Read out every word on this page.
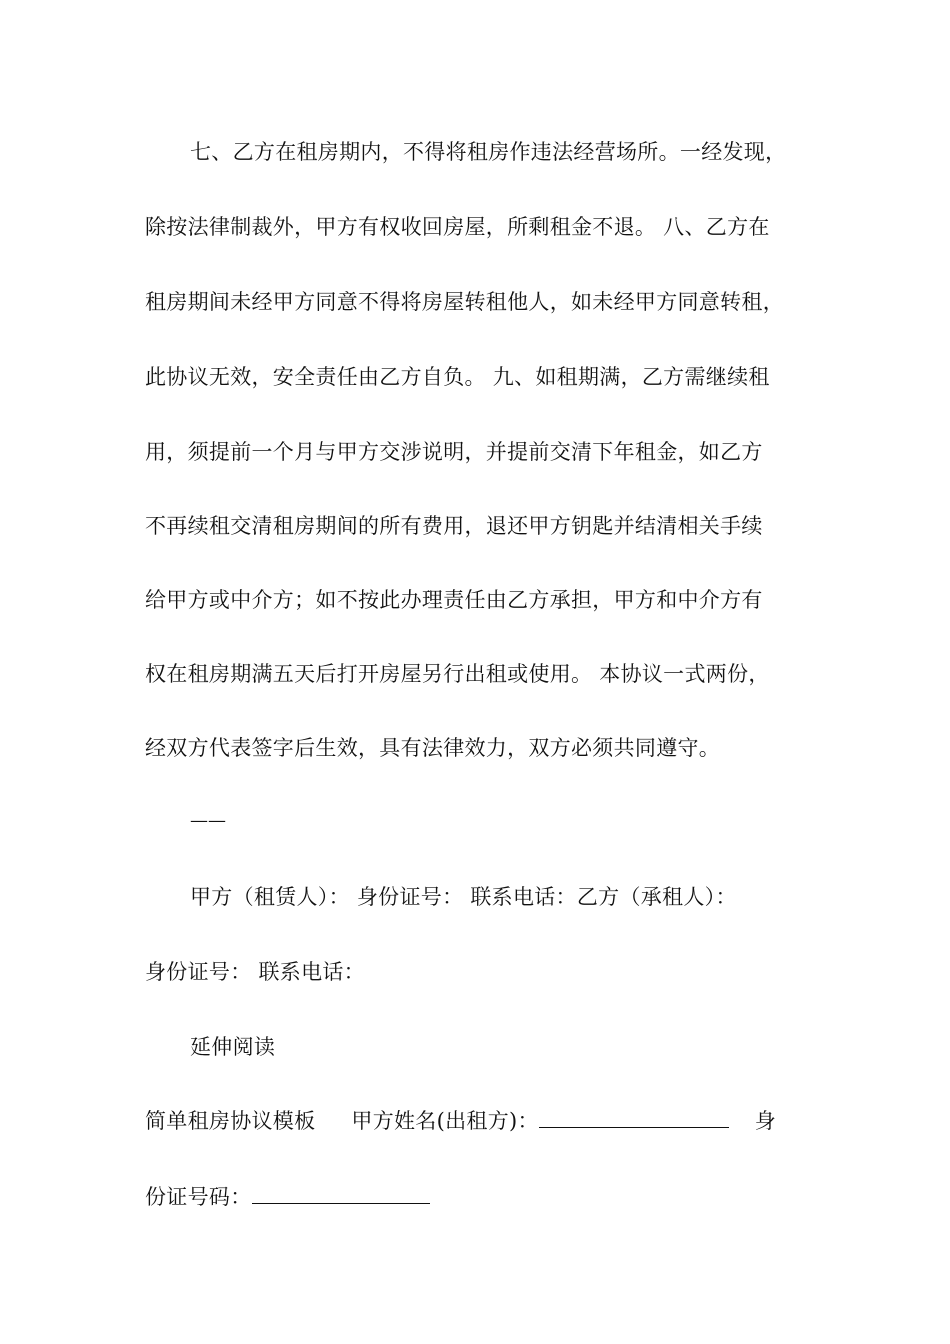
七、乙方在租房期内，不得将租房作违法经营场所。一经发现，
除按法律制裁外，甲方有权收回房屋，所剩租金不退。 八、乙方在
租房期间未经甲方同意不得将房屋转租他人，如未经甲方同意转租，
此协议无效，安全责任由乙方自负。 九、如租期满，乙方需继续租
用，须提前一个月与甲方交涉说明，并提前交清下年租金，如乙方
不再续租交清租房期间的所有费用，退还甲方钥匙并结清相关手续
给甲方或中介方；如不按此办理责任由乙方承担，甲方和中介方有
权在租房期满五天后打开房屋另行出租或使用。 本协议一式两份，
经双方代表签字后生效，具有法律效力，双方必须共同遵守。
——
甲方（租赁人）： 身份证号： 联系电话：乙方（承租人）：
身份证号： 联系电话：
延伸阅读
简单租房协议模板 甲方姓名(出租方)：	身
份证号码：
